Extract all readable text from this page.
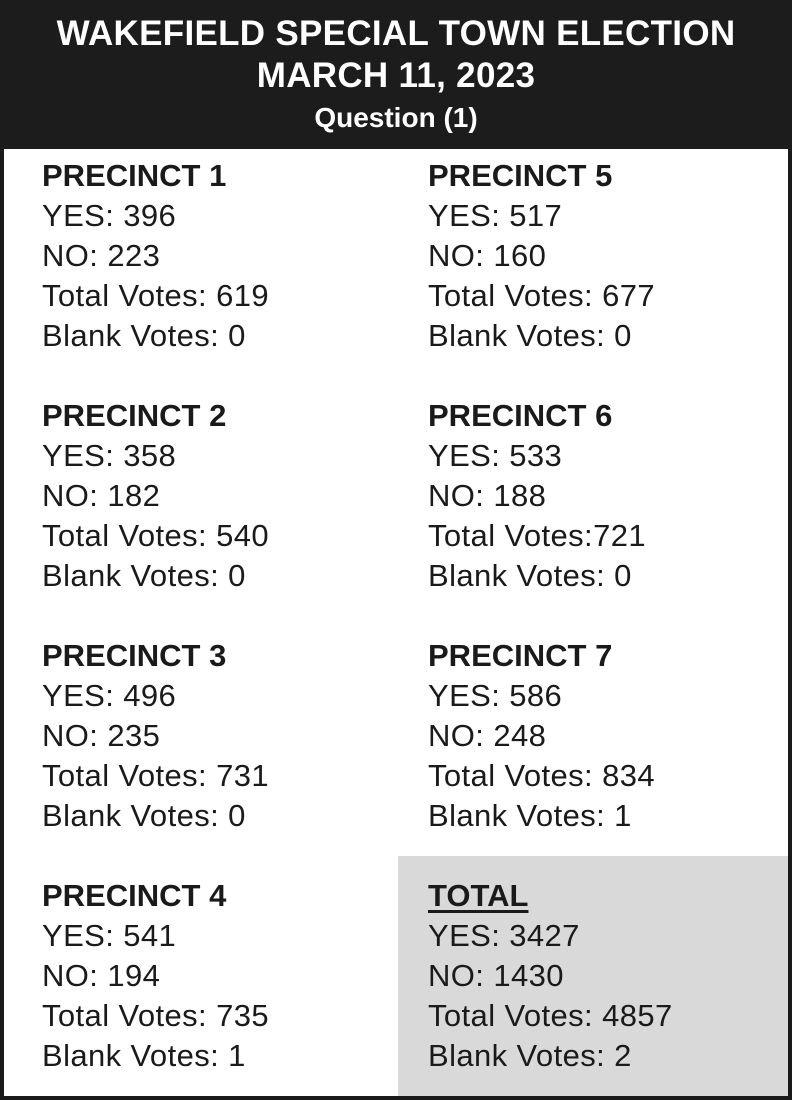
WAKEFIELD SPECIAL TOWN ELECTION
MARCH 11, 2023
Question (1)
PRECINCT 1
YES: 396
NO: 223
Total Votes: 619
Blank Votes: 0
PRECINCT 2
YES: 358
NO: 182
Total Votes: 540
Blank Votes: 0
PRECINCT 3
YES: 496
NO: 235
Total Votes: 731
Blank Votes: 0
PRECINCT 4
YES: 541
NO: 194
Total Votes: 735
Blank Votes: 1
PRECINCT 5
YES: 517
NO: 160
Total Votes: 677
Blank Votes: 0
PRECINCT 6
YES: 533
NO: 188
Total Votes:721
Blank Votes: 0
PRECINCT 7
YES: 586
NO: 248
Total Votes: 834
Blank Votes: 1
TOTAL
YES: 3427
NO: 1430
Total Votes: 4857
Blank Votes: 2
